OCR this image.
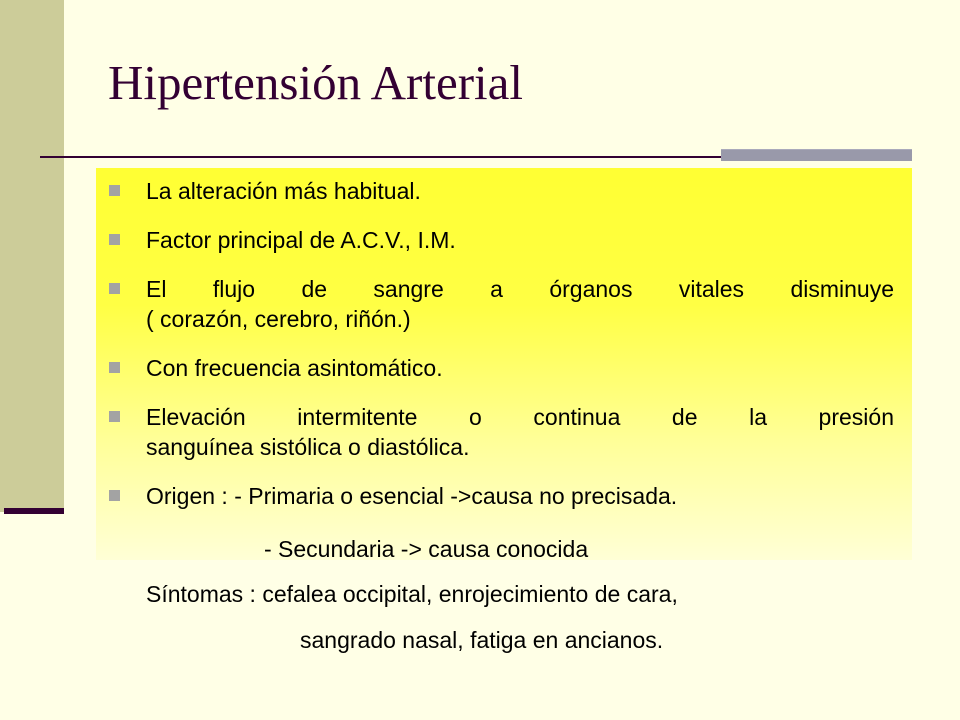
Hipertensión Arterial
La alteración más habitual.
Factor principal de A.C.V., I.M.
El flujo de sangre a órganos vitales disminuye
( corazón, cerebro, riñón.)
Con frecuencia asintomático.
Elevación intermitente o continua de la presión
sanguínea sistólica o diastólica.
Origen : - Primaria o esencial ->causa no precisada.
- Secundaria -> causa conocida
Síntomas : cefalea occipital, enrojecimiento de cara,
sangrado nasal, fatiga en ancianos.
